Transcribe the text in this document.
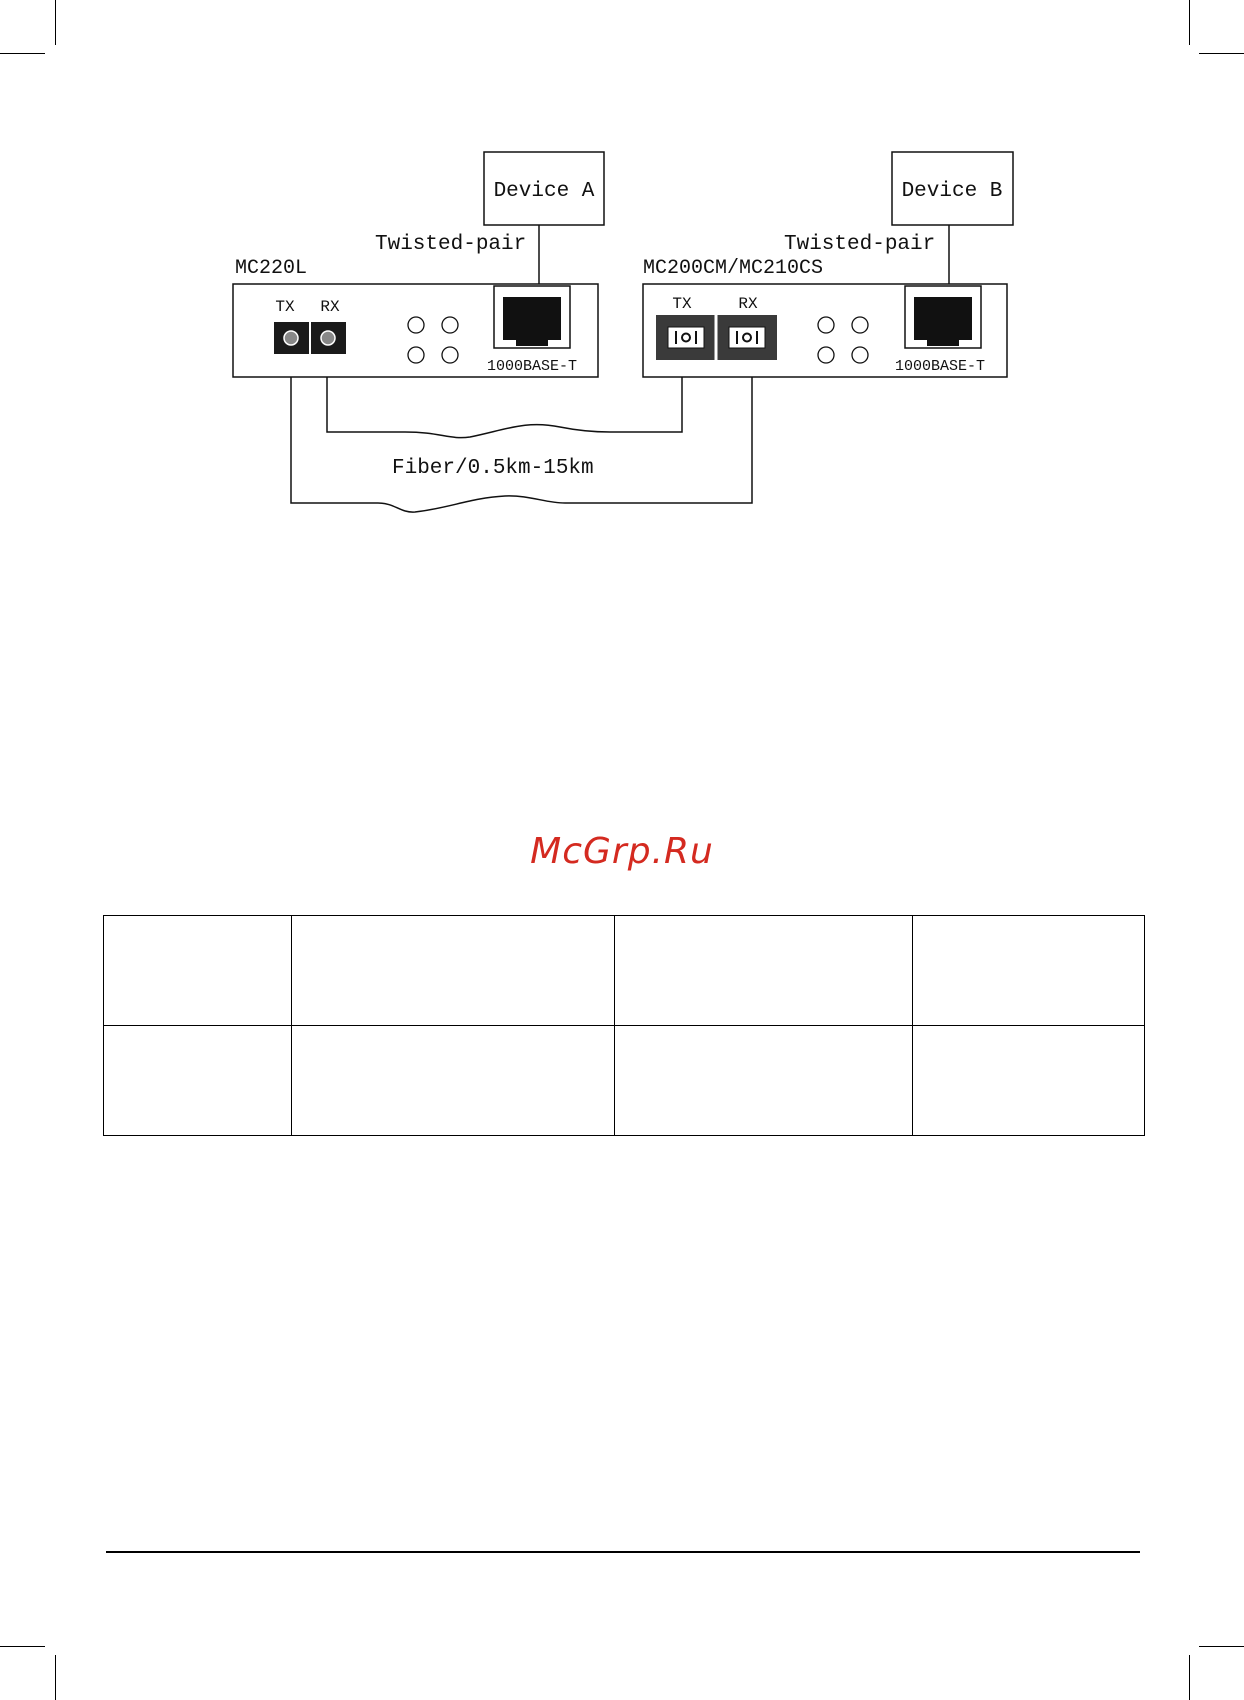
Device A	Device B
Twisted-pair	Twisted-pair
MC220L
TX RX
1000BASE-T
MC200CM/MC210CS
TX	RX
1000BASE-T
Fiber/0.5km-15km
McGrp.Ru
